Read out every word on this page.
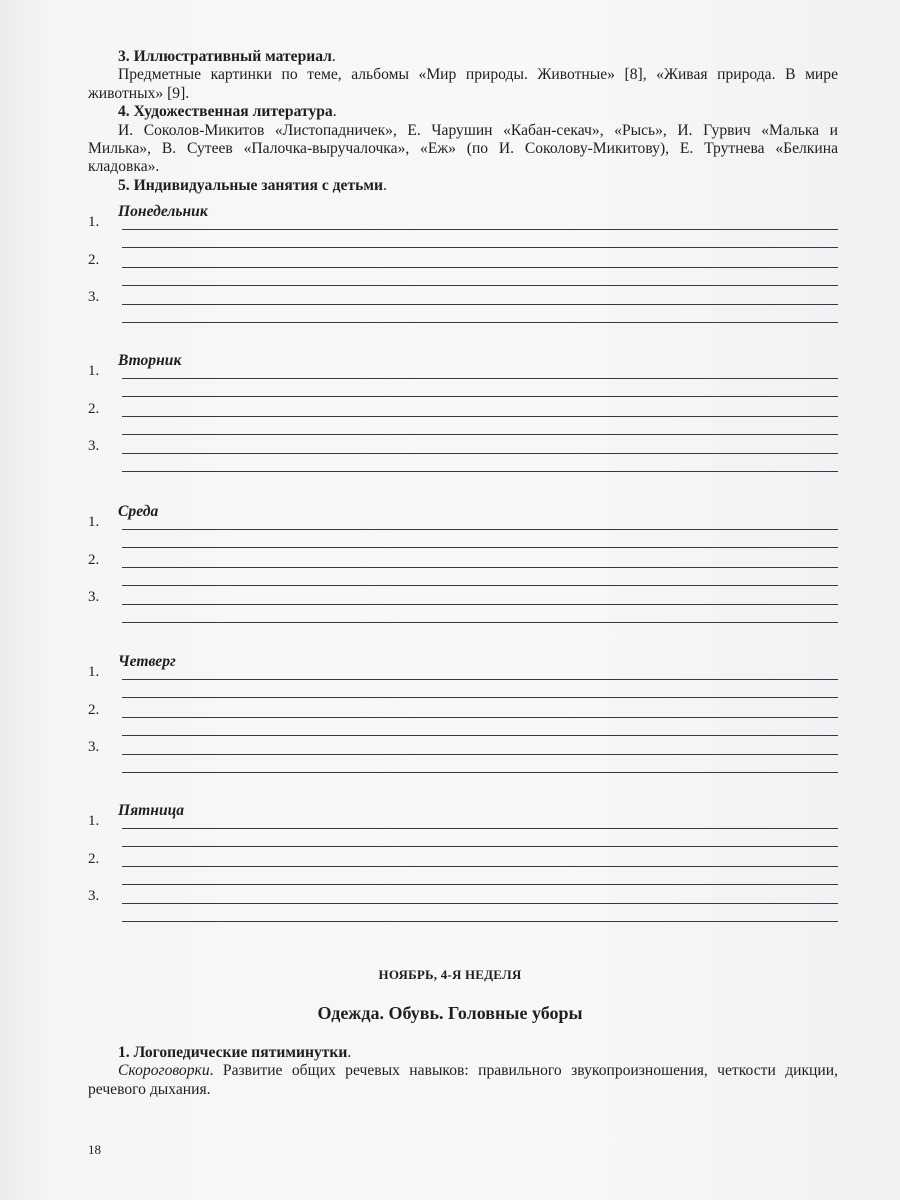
3. Иллюстративный материал.

Предметные картинки по теме, альбомы «Мир природы. Животные» [8], «Живая природа. В мире животных» [9].

4. Художественная литература.

И. Соколов-Микитов «Листопадничек», Е. Чарушин «Кабан-секач», «Рысь», И. Гурвич «Малька и Милька», В. Сутеев «Палочка-выручалочка», «Еж» (по И. Соколову-Микитову), Е. Трутнева «Белкина кладовка».

5. Индивидуальные занятия с детьми.

Понедельник
1.
2.
3.
Вторник
1.
2.
3.
Среда
1.
2.
3.
Четверг
1.
2.
3.
Пятница
1.
2.
3.
НОЯБРЬ, 4-Я НЕДЕЛЯ
Одежда. Обувь. Головные уборы

1. Логопедические пятиминутки.

Скороговорки. Развитие общих речевых навыков: правильного звукопроизношения, четкости дикции, речевого дыхания.

18
